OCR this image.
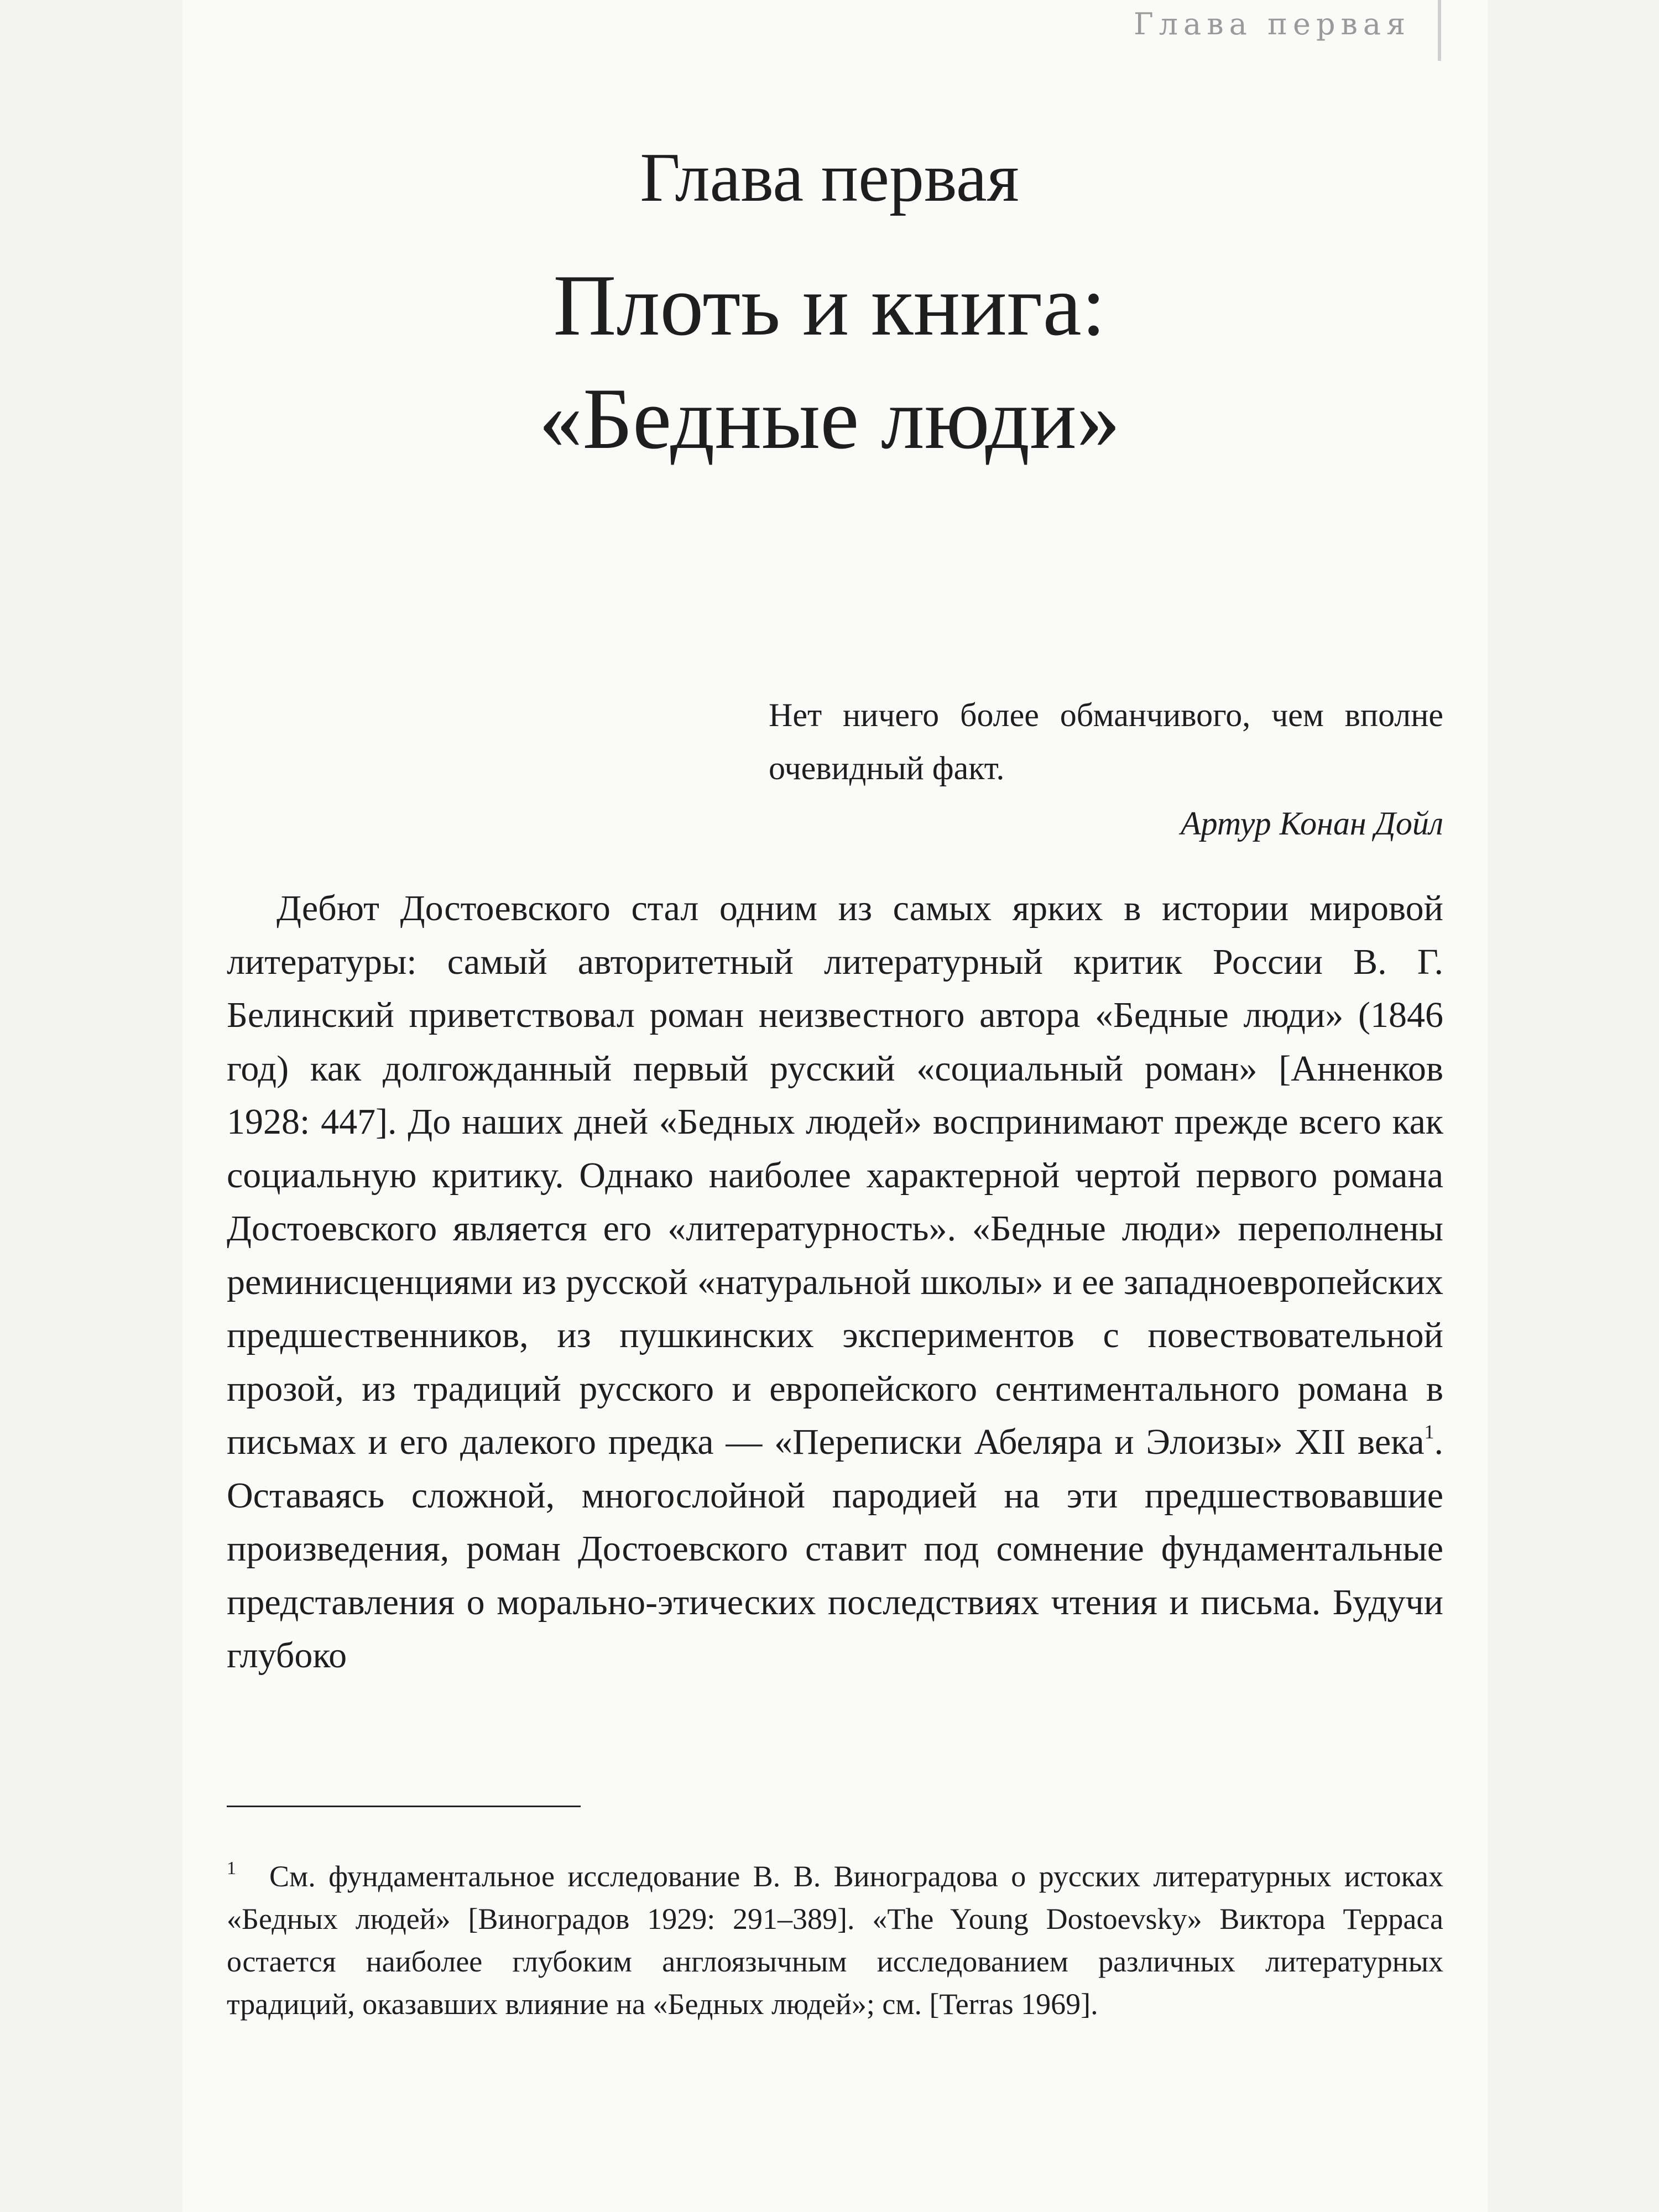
Глава первая
Глава первая
Плоть и книга:
«Бедные люди»
Нет ничего более обманчивого, чем вполне очевидный факт.
Артур Конан Дойл

Дебют Достоевского стал одним из самых ярких в истории мировой литературы: самый авторитетный литературный критик России В. Г. Белинский приветствовал роман неизвестного автора «Бедные люди» (1846 год) как долгожданный первый русский «социальный роман» [Анненков 1928: 447]. До наших дней «Бедных людей» воспринимают прежде всего как социальную критику. Однако наиболее характерной чертой первого романа Достоевского является его «литературность». «Бедные люди» переполнены реминисценциями из русской «натуральной школы» и ее западноевропейских предшественников, из пушкинских экспериментов с повествовательной прозой, из традиций русского и европейского сентиментального романа в письмах и его далекого предка — «Переписки Абеляра и Элоизы» XII века$^1$. Оставаясь сложной, многослойной пародией на эти предшествовавшие произведения, роман Достоевского ставит под сомнение фундаментальные представления о морально-этических последствиях чтения и письма. Будучи глубоко

$^1$ См. фундаментальное исследование В. В. Виноградова о русских литературных истоках «Бедных людей» [Виноградов 1929: 291–389]. «The Young Dostoevsky» Виктора Терраса остается наиболее глубоким англоязычным исследованием различных литературных традиций, оказавших влияние на «Бедных людей»; см. [Terras 1969].
